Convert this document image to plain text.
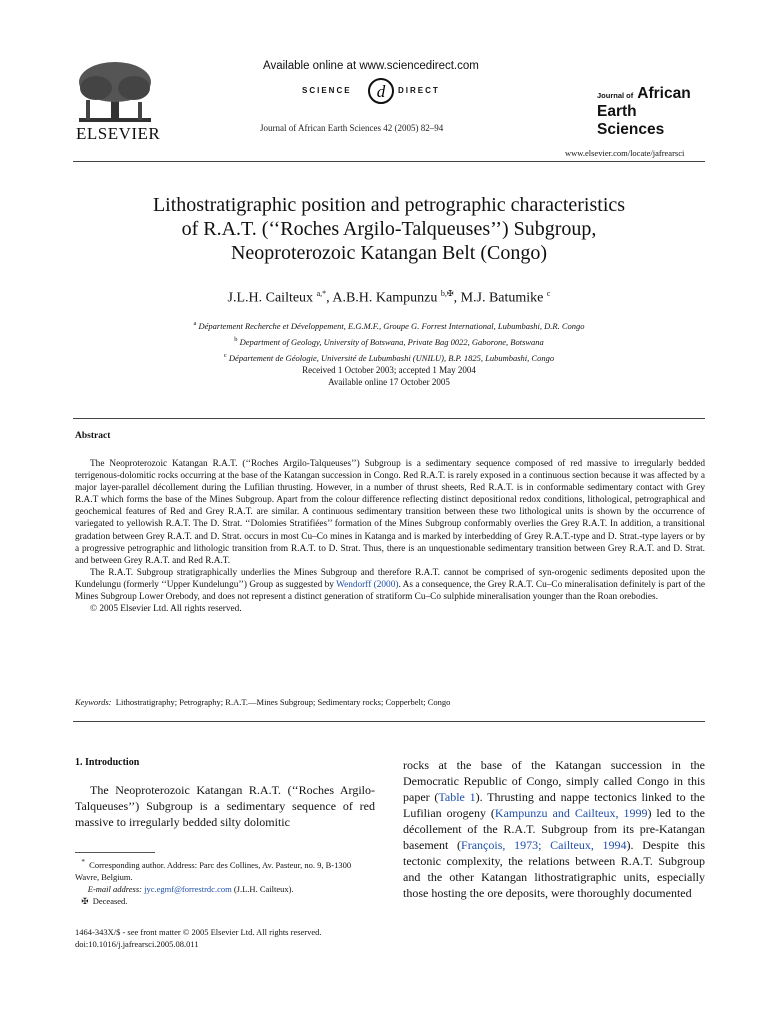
ELSEVIER
Available online at www.sciencedirect.com
SCIENCE d DIRECT
Journal of African Earth Sciences 42 (2005) 82–94
Journal of African
Earth Sciences
www.elsevier.com/locate/jafrearsci
Lithostratigraphic position and petrographic characteristics
of R.A.T. (‘‘Roches Argilo-Talqueuses’’) Subgroup,
Neoproterozoic Katangan Belt (Congo)
J.L.H. Cailteux $^{a,*}$, A.B.H. Kampunzu $^{b,✠}$, M.J. Batumike $^c$
$^a$ Département Recherche et Développement, E.G.M.F., Groupe G. Forrest International, Lubumbashi, D.R. Congo
$^b$ Department of Geology, University of Botswana, Private Bag 0022, Gaborone, Botswana
$^c$ Département de Géologie, Université de Lubumbashi (UNILU), B.P. 1825, Lubumbashi, Congo
Received 1 October 2003; accepted 1 May 2004
Available online 17 October 2005
Abstract

The Neoproterozoic Katangan R.A.T. (‘‘Roches Argilo-Talqueuses’’) Subgroup is a sedimentary sequence composed of red massive to irregularly bedded terrigenous-dolomitic rocks occurring at the base of the Katangan succession in Congo. Red R.A.T. is rarely exposed in a continuous section because it was affected by a major layer-parallel décollement during the Lufilian thrusting. However, in a number of thrust sheets, Red R.A.T. is in conformable sedimentary contact with Grey R.A.T which forms the base of the Mines Subgroup. Apart from the colour difference reflecting distinct depositional redox conditions, lithological, petrographical and geochemical features of Red and Grey R.A.T. are similar. A continuous sedimentary transition between these two lithological units is shown by the occurrence of variegated to yellowish R.A.T. The D. Strat. ‘‘Dolomies Stratifiées’’ formation of the Mines Subgroup conformably overlies the Grey R.A.T. In addition, a transitional gradation between Grey R.A.T. and D. Strat. occurs in most Cu–Co mines in Katanga and is marked by interbedding of Grey R.A.T.-type and D. Strat.-type layers or by a progressive petrographic and lithologic transition from R.A.T. to D. Strat. Thus, there is an unquestionable sedimentary transition between Grey R.A.T. and D. Strat. and between Grey R.A.T. and Red R.A.T.

The R.A.T. Subgroup stratigraphically underlies the Mines Subgroup and therefore R.A.T. cannot be comprised of syn-orogenic sediments deposited upon the Kundelungu (formerly ‘‘Upper Kundelungu’’) Group as suggested by Wendorff (2000). As a consequence, the Grey R.A.T. Cu–Co mineralisation definitely is part of the Mines Subgroup Lower Orebody, and does not represent a distinct generation of stratiform Cu–Co sulphide mineralisation younger than the Roan orebodies.

© 2005 Elsevier Ltd. All rights reserved.

Keywords: Lithostratigraphy; Petrography; R.A.T.—Mines Subgroup; Sedimentary rocks; Copperbelt; Congo
1. Introduction

The Neoproterozoic Katangan R.A.T. (‘‘Roches Argilo-Talqueuses’’) Subgroup is a sedimentary sequence of red massive to irregularly bedded silty dolomitic

* Corresponding author. Address: Parc des Collines, Av. Pasteur, no. 9, B-1300 Wavre, Belgium.
E-mail address: jyc.egmf@forrestrdc.com (J.L.H. Cailteux).
✠ Deceased.
1464-343X/$ - see front matter © 2005 Elsevier Ltd. All rights reserved.
doi:10.1016/j.jafrearsci.2005.08.011

rocks at the base of the Katangan succession in the Democratic Republic of Congo, simply called Congo in this paper (Table 1). Thrusting and nappe tectonics linked to the Lufilian orogeny (Kampunzu and Cailteux, 1999) led to the décollement of the R.A.T. Subgroup from its pre-Katangan basement (François, 1973; Cailteux, 1994). Despite this tectonic complexity, the relations between R.A.T. Subgroup and the other Katangan lithostratigraphic units, especially those hosting the ore deposits, were thoroughly documented
